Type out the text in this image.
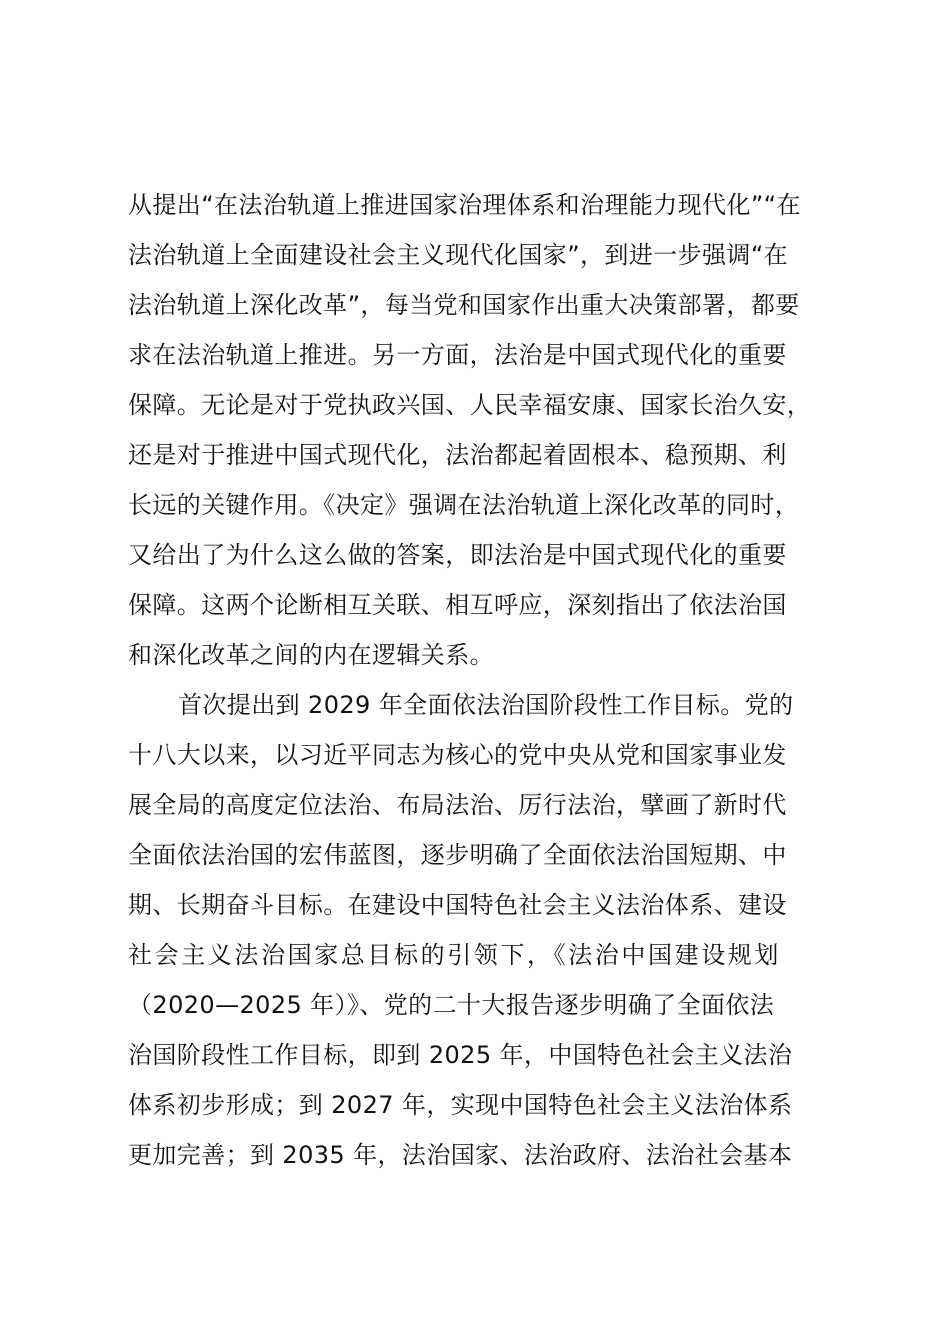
从提出“在法治轨道上推进国家治理体系和治理能力现代化”“在
法治轨道上全面建设社会主义现代化国家”，到进一步强调“在
法治轨道上深化改革”，每当党和国家作出重大决策部署，都要
求在法治轨道上推进。另一方面，法治是中国式现代化的重要
保障。无论是对于党执政兴国、人民幸福安康、国家长治久安，
还是对于推进中国式现代化，法治都起着固根本、稳预期、利
长远的关键作用。《决定》强调在法治轨道上深化改革的同时，
又给出了为什么这么做的答案，即法治是中国式现代化的重要
保障。这两个论断相互关联、相互呼应，深刻指出了依法治国
和深化改革之间的内在逻辑关系。
首次提出到 2029 年全面依法治国阶段性工作目标。党的
十八大以来，以习近平同志为核心的党中央从党和国家事业发
展全局的高度定位法治、布局法治、厉行法治，擘画了新时代
全面依法治国的宏伟蓝图，逐步明确了全面依法治国短期、中
期、长期奋斗目标。在建设中国特色社会主义法治体系、建设
社会主义法治国家总目标的引领下，《法治中国建设规划
（2020—2025 年）》、党的二十大报告逐步明确了全面依法
治国阶段性工作目标，即到 2025 年，中国特色社会主义法治
体系初步形成；到 2027 年，实现中国特色社会主义法治体系
更加完善；到 2035 年，法治国家、法治政府、法治社会基本
